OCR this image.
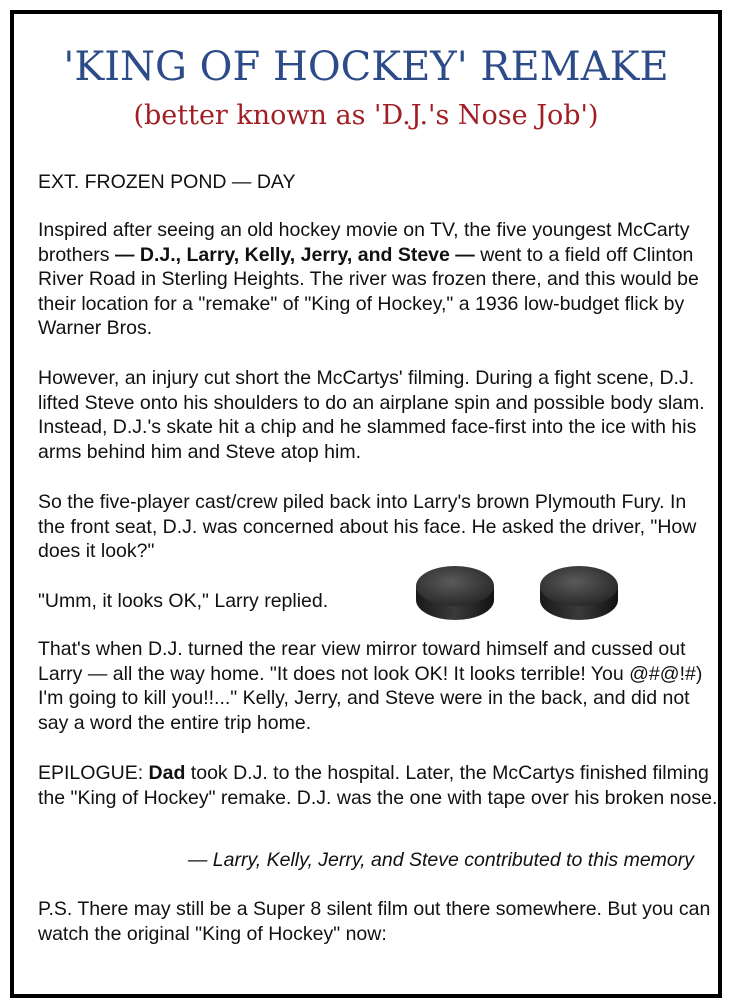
'KING OF HOCKEY' REMAKE
(better known as 'D.J.'s Nose Job')

EXT. FROZEN POND — DAY

Inspired after seeing an old hockey movie on TV, the five youngest McCarty brothers — D.J., Larry, Kelly, Jerry, and Steve — went to a field off Clinton River Road in Sterling Heights. The river was frozen there, and this would be their location for a "remake" of "King of Hockey," a 1936 low-budget flick by Warner Bros.

However, an injury cut short the McCartys' filming. During a fight scene, D.J. lifted Steve onto his shoulders to do an airplane spin and possible body slam. Instead, D.J.'s skate hit a chip and he slammed face-first into the ice with his arms behind him and Steve atop him.

So the five-player cast/crew piled back into Larry's brown Plymouth Fury. In the front seat, D.J. was concerned about his face. He asked the driver, "How does it look?"

"Umm, it looks OK," Larry replied.

That's when D.J. turned the rear view mirror toward himself and cussed out Larry — all the way home. "It does not look OK! It looks terrible! You @#@!#) I'm going to kill you!!..." Kelly, Jerry, and Steve were in the back, and did not say a word the entire trip home.

EPILOGUE: Dad took D.J. to the hospital. Later, the McCartys finished filming the "King of Hockey" remake. D.J. was the one with tape over his broken nose.

— Larry, Kelly, Jerry, and Steve contributed to this memory

P.S. There may still be a Super 8 silent film out there somewhere. But you can watch the original "King of Hockey" now:
